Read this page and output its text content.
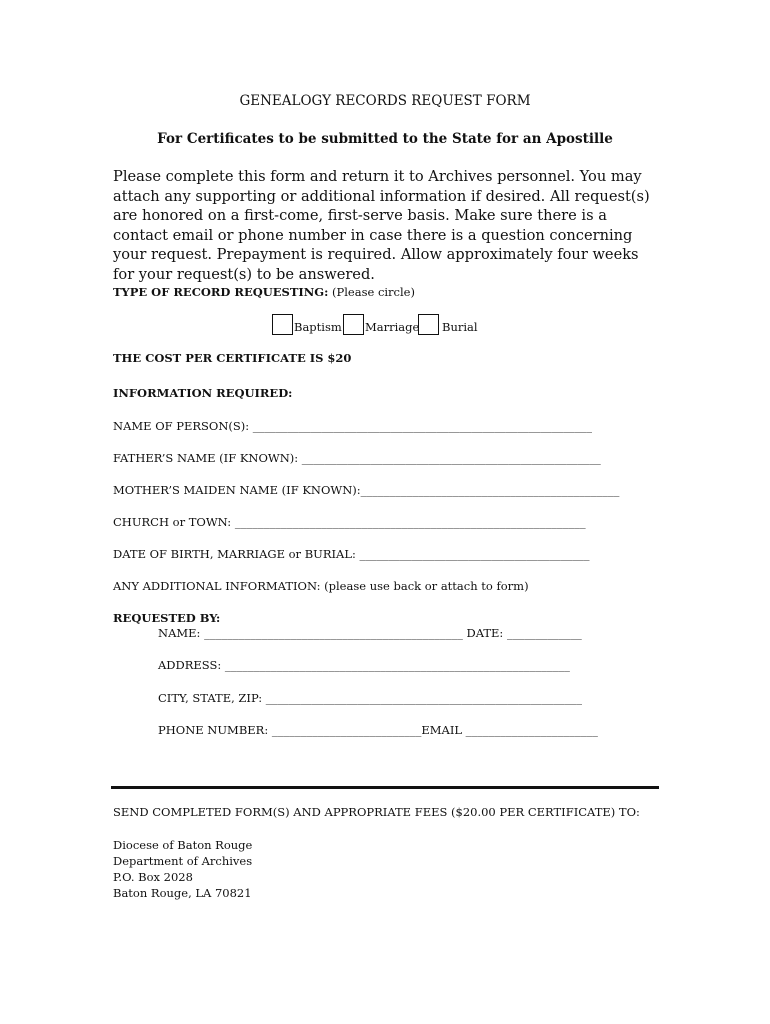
GENEALOGY RECORDS REQUEST FORM
For Certificates to be submitted to the State for an Apostille
Please complete this form and return it to Archives personnel. You may attach any supporting or additional information if desired. All request(s) are honored on a first-come, first-serve basis. Make sure there is a contact email or phone number in case there is a question concerning your request. Prepayment is required. Allow approximately four weeks for your request(s) to be answered.
TYPE OF RECORD REQUESTING: (Please circle)
Baptism Marriage Burial
THE COST PER CERTIFICATE IS $20
INFORMATION REQUIRED:
NAME OF PERSON(S): ___________________________________________________________
FATHER’S NAME (IF KNOWN): ____________________________________________________
MOTHER’S MAIDEN NAME (IF KNOWN):_____________________________________________
CHURCH or TOWN: _____________________________________________________________
DATE OF BIRTH, MARRIAGE or BURIAL: ________________________________________
ANY ADDITIONAL INFORMATION: (please use back or attach to form)
REQUESTED BY:
NAME: _____________________________________________ DATE: _____________
ADDRESS: ____________________________________________________________
CITY, STATE, ZIP: _______________________________________________________
PHONE NUMBER: __________________________EMAIL _______________________
SEND COMPLETED FORM(S) AND APPROPRIATE FEES ($20.00 PER CERTIFICATE) TO:
Diocese of Baton Rouge
Department of Archives
P.O. Box 2028
Baton Rouge, LA 70821
